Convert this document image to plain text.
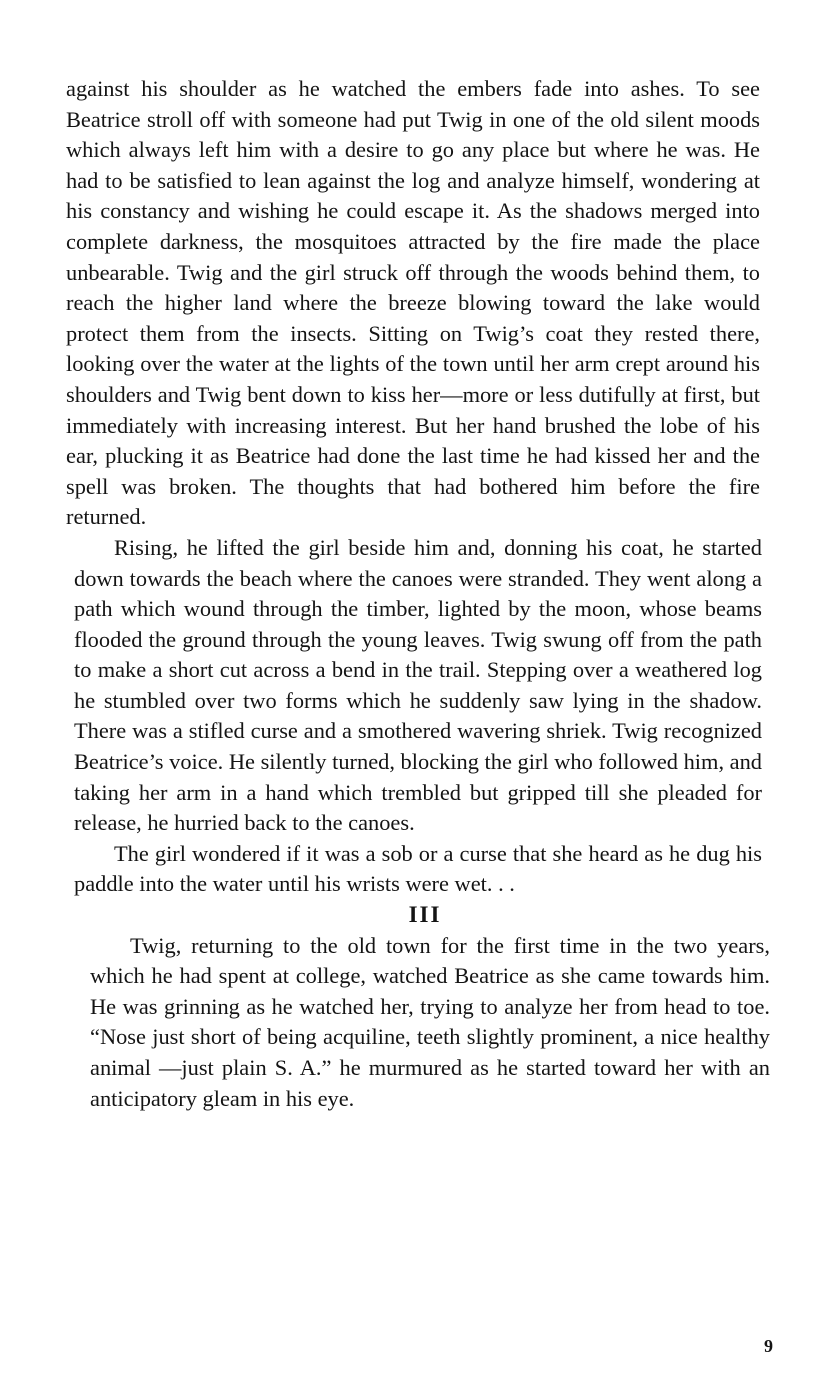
against his shoulder as he watched the embers fade into ashes. To see Beatrice stroll off with someone had put Twig in one of the old silent moods which always left him with a desire to go any place but where he was. He had to be satisfied to lean against the log and analyze himself, wondering at his constancy and wishing he could escape it. As the shadows merged into complete darkness, the mosquitoes attracted by the fire made the place unbearable. Twig and the girl struck off through the woods behind them, to reach the higher land where the breeze blowing toward the lake would protect them from the insects. Sitting on Twig’s coat they rested there, looking over the water at the lights of the town until her arm crept around his shoulders and Twig bent down to kiss her—more or less dutifully at first, but immediately with increasing interest. But her hand brushed the lobe of his ear, plucking it as Beatrice had done the last time he had kissed her and the spell was broken. The thoughts that had bothered him before the fire returned.

Rising, he lifted the girl beside him and, donning his coat, he started down towards the beach where the canoes were stranded. They went along a path which wound through the timber, lighted by the moon, whose beams flooded the ground through the young leaves. Twig swung off from the path to make a short cut across a bend in the trail. Stepping over a weathered log he stumbled over two forms which he suddenly saw lying in the shadow. There was a stifled curse and a smothered wavering shriek. Twig recognized Beatrice’s voice. He silently turned, blocking the girl who followed him, and taking her arm in a hand which trembled but gripped till she pleaded for release, he hurried back to the canoes.

The girl wondered if it was a sob or a curse that she heard as he dug his paddle into the water until his wrists were wet. . .

III

Twig, returning to the old town for the first time in the two years, which he had spent at college, watched Beatrice as she came towards him. He was grinning as he watched her, trying to analyze her from head to toe. “Nose just short of being acquiline, teeth slightly prominent, a nice healthy animal —just plain S. A.” he murmured as he started toward her with an anticipatory gleam in his eye.

9
